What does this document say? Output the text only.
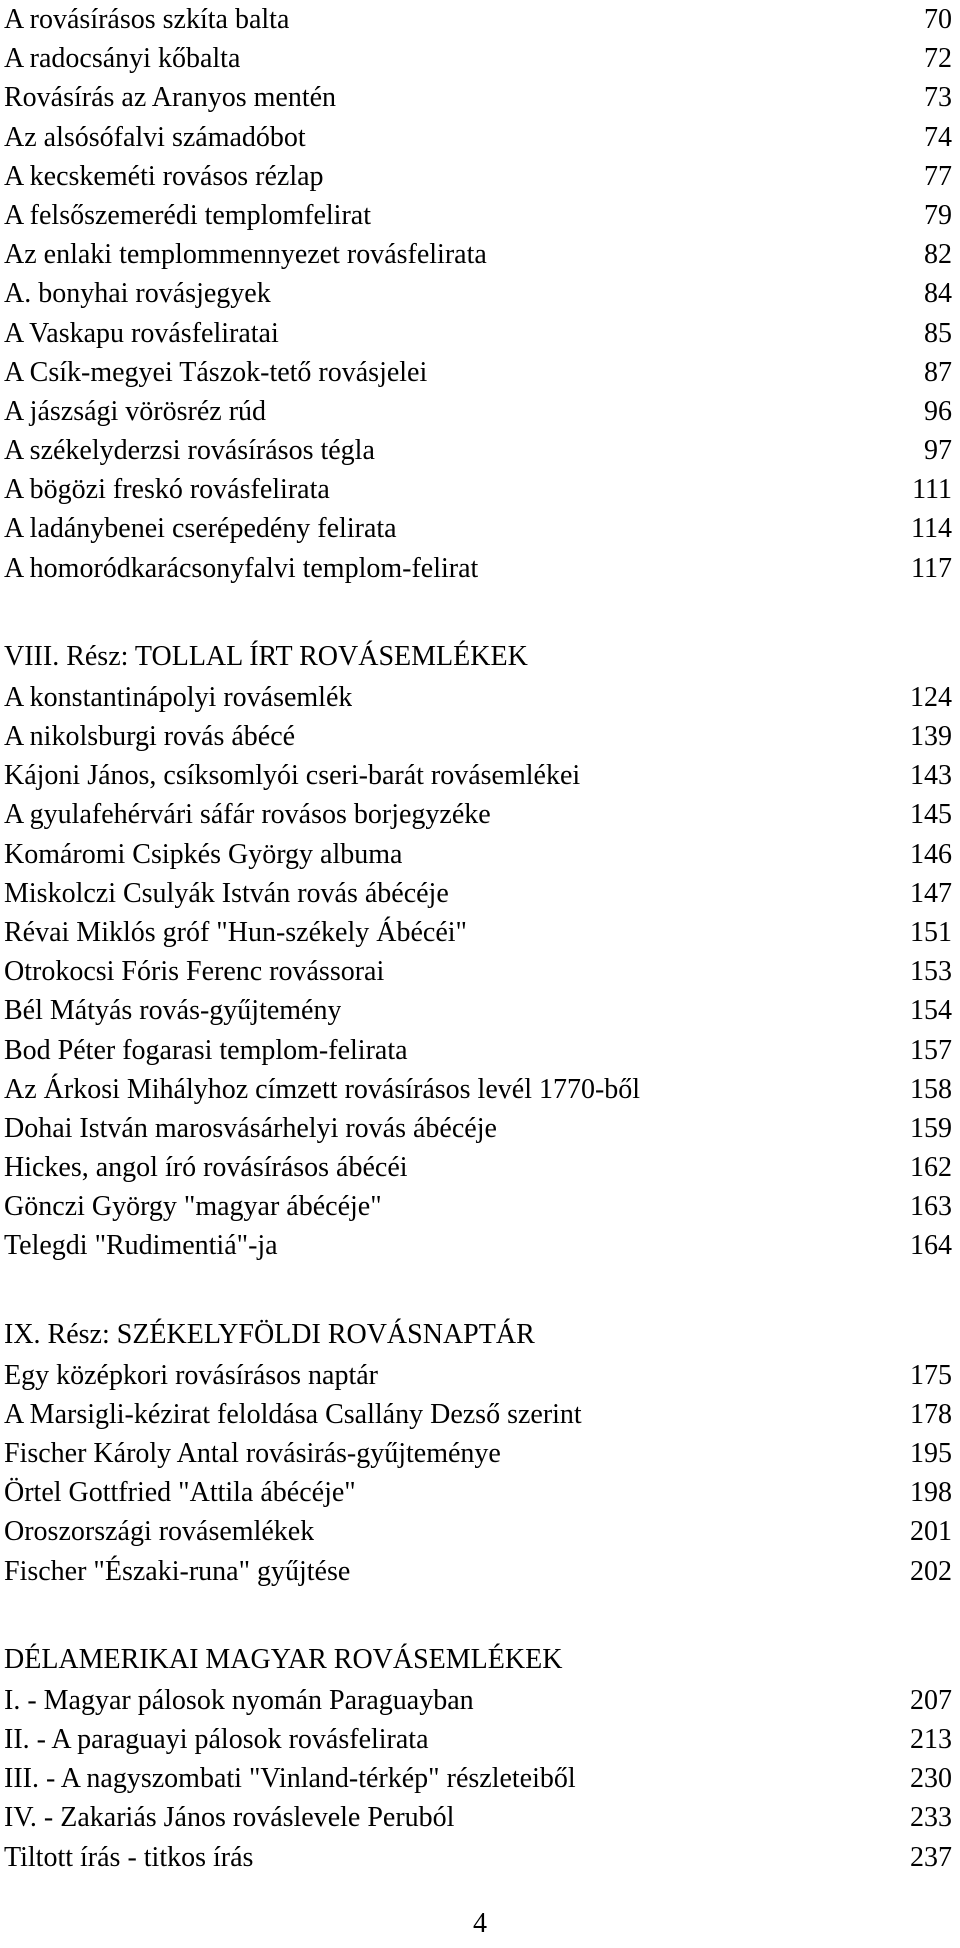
A rovásírásos szkíta balta	70
A radocsányi kőbalta	72
Rovásírás az Aranyos mentén	73
Az alsósófalvi számadóbot	74
A kecskeméti rovásos rézlap	77
A felsőszemerédi templomfelirat	79
Az enlaki templommennyezet rovásfelirata	82
A. bonyhai rovásjegyek	84
A Vaskapu rovásfeliratai	85
A Csík-megyei Tászok-tető rovásjelei	87
A jászsági vörösréz rúd	96
A székelyderzsi rovásírásos tégla	97
A bögözi freskó rovásfelirata	111
A ladánybenei cserépedény felirata	114
A homoródkarácsonyfalvi templom-felirat	117
VIII. Rész: TOLLAL ÍRT ROVÁSEMLÉKEK
A konstantinápolyi rovásemlék	124
A nikolsburgi rovás ábécé	139
Kájoni János, csíksomlyói cseri-barát rovásemlékei	143
A gyulafehérvári sáfár rovásos borjegyzéke	145
Komáromi Csipkés György albuma	146
Miskolczi Csulyák István rovás ábécéje	147
Révai Miklós gróf "Hun-székely Ábécéi"	151
Otrokocsi Fóris Ferenc rovássorai	153
Bél Mátyás rovás-gyűjtemény	154
Bod Péter fogarasi templom-felirata	157
Az Árkosi Mihályhoz címzett rovásírásos levél 1770-ből	158
Dohai István marosvásárhelyi rovás ábécéje	159
Hickes, angol író rovásírásos ábécéi	162
Gönczi György "magyar ábécéje"	163
Telegdi "Rudimentiá"-ja	164
IX. Rész: SZÉKELYFÖLDI ROVÁSNAPTÁR
Egy középkori rovásírásos naptár	175
A Marsigli-kézirat feloldása Csallány Dezső szerint	178
Fischer Károly Antal rovásirás-gyűjteménye	195
Örtel Gottfried "Attila ábécéje"	198
Oroszországi rovásemlékek	201
Fischer "Északi-runa" gyűjtése	202
DÉLAMERIKAI MAGYAR ROVÁSEMLÉKEK
I. - Magyar pálosok nyomán Paraguayban	207
II. - A paraguayi pálosok rovásfelirata	213
III. - A nagyszombati "Vinland-térkép" részleteiből	230
IV. - Zakariás János rováslevele Peruból	233
Tiltott írás - titkos írás	237
4
